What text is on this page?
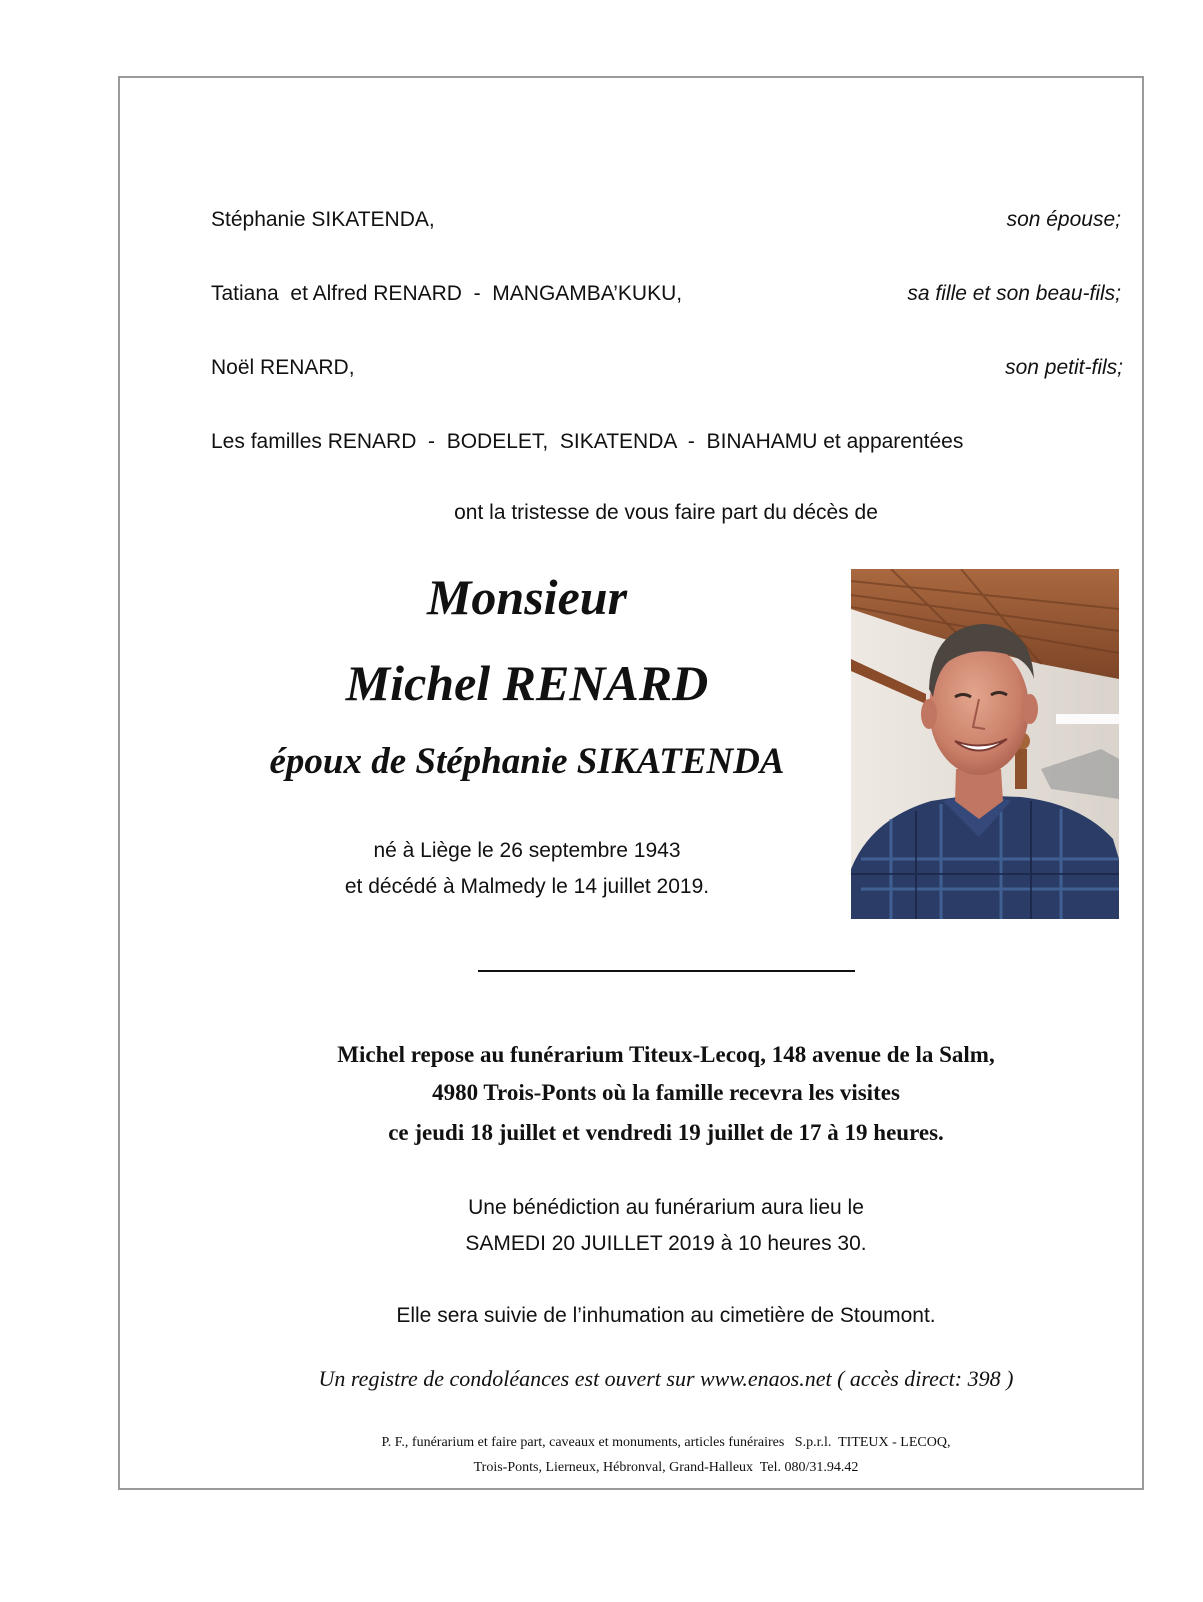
Stéphanie SIKATENDA,	son épouse;
Tatiana  et Alfred RENARD  -  MANGAMBA’KUKU,	sa fille et son beau-fils;
Noël RENARD,	son petit-fils;
Les familles RENARD  -  BODELET,  SIKATENDA  -  BINAHAMU et apparentées
ont la tristesse de vous faire part du décès de
Monsieur
Michel RENARD
époux de Stéphanie SIKATENDA
né à Liège le 26 septembre 1943
et décédé à Malmedy le 14 juillet 2019.
Michel repose au funérarium Titeux-Lecoq, 148 avenue de la Salm,
4980 Trois-Ponts où la famille recevra les visites
ce jeudi 18 juillet et vendredi 19 juillet de 17 à 19 heures.
Une bénédiction au funérarium aura lieu le
SAMEDI 20 JUILLET 2019 à 10 heures 30.
Elle sera suivie de l’inhumation au cimetière de Stoumont.
Un registre de condoléances est ouvert sur www.enaos.net ( accès direct: 398 )
P. F., funérarium et faire part, caveaux et monuments, articles funéraires   S.p.r.l.  TITEUX - LECOQ,
Trois-Ponts, Lierneux, Hébronval, Grand-Halleux  Tel. 080/31.94.42
